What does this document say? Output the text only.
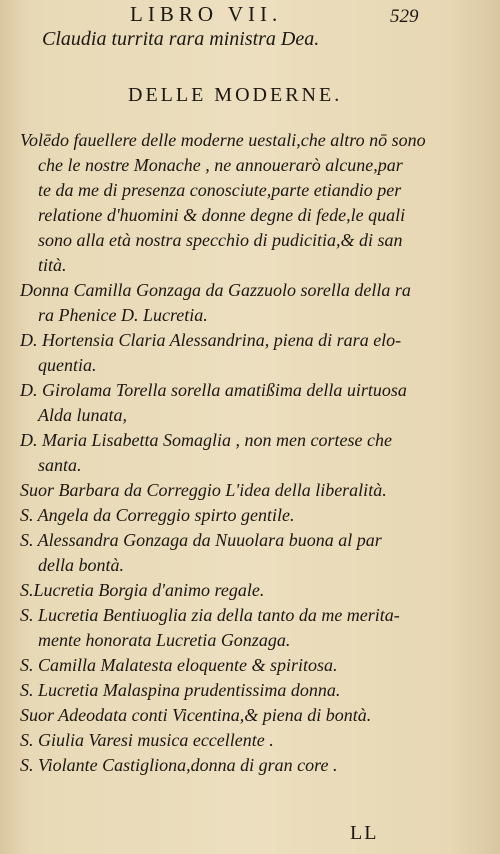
LIBRO VII.	529
Claudia turrita rara ministra Dea.
DELLE MODERNE.
Volēdo fauellere delle moderne uestali,che altro nō sono
che le nostre Monache , ne annouerarò alcune,par
te da me di presenza conosciute,parte etiandio per
relatione d'huomini & donne degne di fede,le quali
sono alla età nostra specchio di pudicitia,& di san
tità.
Donna Camilla Gonzaga da Gazzuolo sorella della ra
ra Phenice D. Lucretia.
D. Hortensia Claria Alessandrina, piena di rara elo-
quentia.
D. Girolama Torella sorella amatißima della uirtuosa
Alda lunata,
D. Maria Lisabetta Somaglia , non men cortese che
santa.
Suor Barbara da Correggio L'idea della liberalità.
S. Angela da Correggio spirto gentile.
S. Alessandra Gonzaga da Nuuolara buona al par
della bontà.
S.Lucretia Borgia d'animo regale.
S. Lucretia Bentiuoglia zia della tanto da me merita-
mente honorata Lucretia Gonzaga.
S. Camilla Malatesta eloquente & spiritosa.
S. Lucretia Malaspina prudentissima donna.
Suor Adeodata conti Vicentina,& piena di bontà.
S. Giulia Varesi musica eccellente .
S. Violante Castigliona,donna di gran core .
LL
